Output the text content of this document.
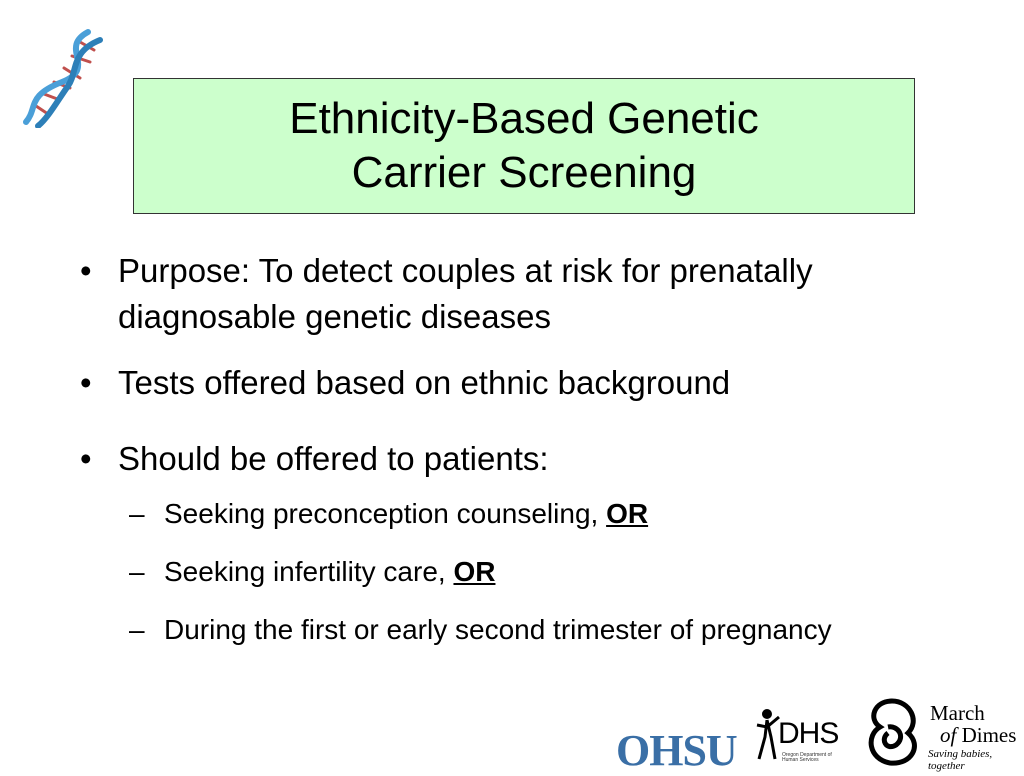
Ethnicity-Based Genetic
Carrier Screening
• Purpose: To detect couples at risk for prenatally
diagnosable genetic diseases
• Tests offered based on ethnic background
• Should be offered to patients:
– Seeking preconception counseling, OR
– Seeking infertility care, OR
– During the first or early second trimester of pregnancy
OHSU DHS
Oregon Department of Human Services
March
of Dimes
Saving babies, together
